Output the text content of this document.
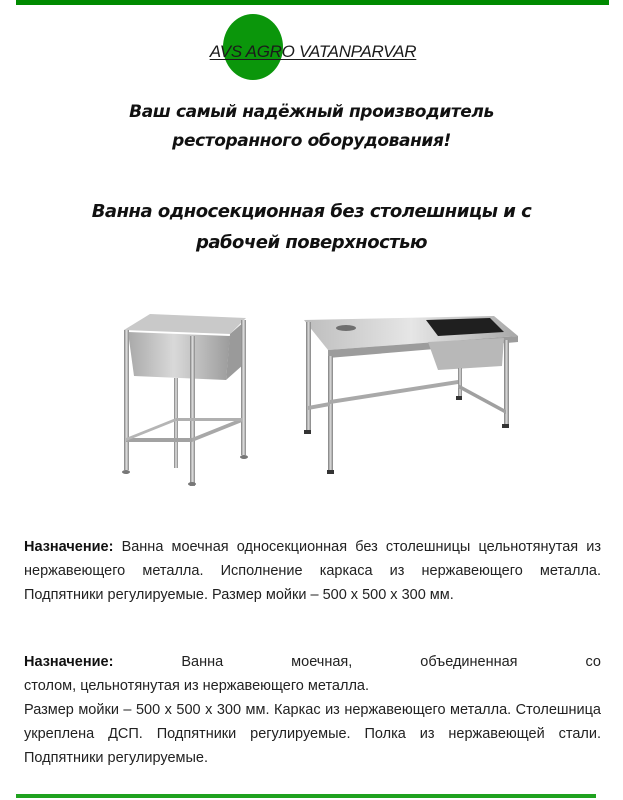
AVS AGRO VATANPARVAR
Ваш самый надёжный производитель
ресторанного оборудования!
Ванна односекционная без столешницы и с
рабочей поверхностью
Назначение: Ванна моечная односекционная без столешницы цельнотянутая из нержавеющего металла. Исполнение каркаса из нержавеющего металла. Подпятники регулируемые. Размер мойки – 500 х 500 х 300 мм.
Назначение:	Ванна	моечная,	объединенная	со
столом, цельнотянутая из нержавеющего металла.
Размер мойки – 500 х 500 х 300 мм. Каркас из нержавеющего металла. Столешница укреплена ДСП. Подпятники регулируемые. Полка из нержавеющей стали. Подпятники регулируемые.
